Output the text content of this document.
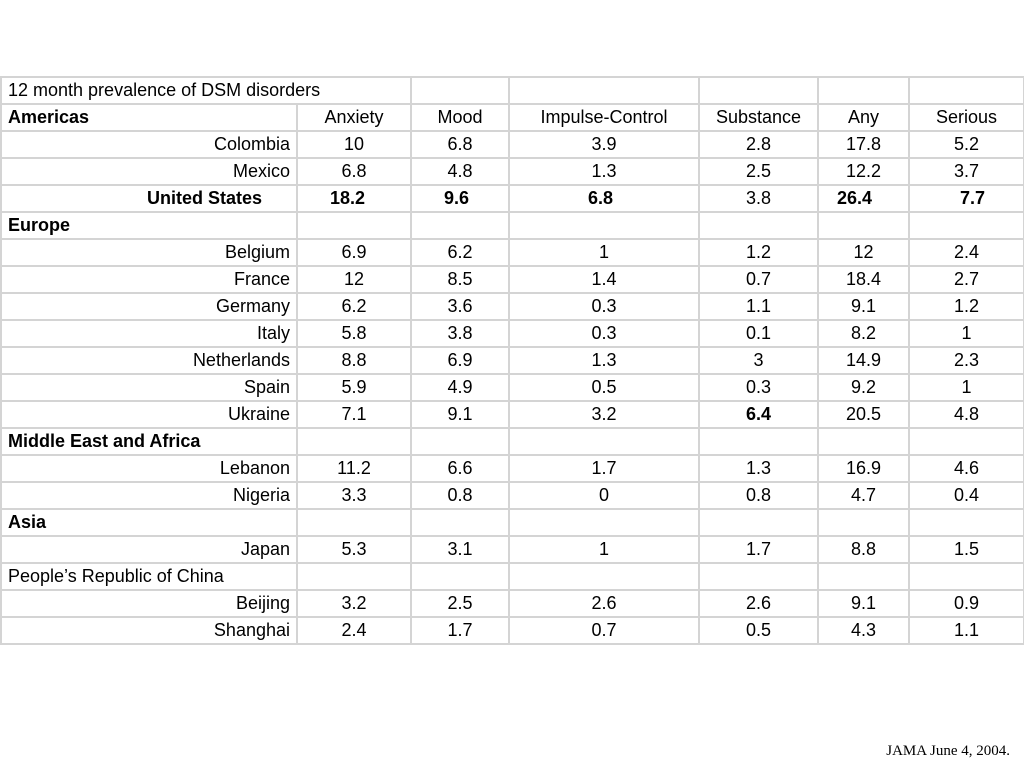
12 month prevalence of DSM disorders						
Americas	Anxiety	Mood	Impulse-Control	Substance	Any	Serious
Colombia	10	6.8	3.9	2.8	17.8	5.2
Mexico	6.8	4.8	1.3	2.5	12.2	3.7
United States	18.2	9.6	6.8	3.8	26.4	7.7
Europe						
Belgium	6.9	6.2	1	1.2	12	2.4
France	12	8.5	1.4	0.7	18.4	2.7
Germany	6.2	3.6	0.3	1.1	9.1	1.2
Italy	5.8	3.8	0.3	0.1	8.2	1
Netherlands	8.8	6.9	1.3	3	14.9	2.3
Spain	5.9	4.9	0.5	0.3	9.2	1
Ukraine	7.1	9.1	3.2	6.4	20.5	4.8
Middle East and Africa						
Lebanon	11.2	6.6	1.7	1.3	16.9	4.6
Nigeria	3.3	0.8	0	0.8	4.7	0.4
Asia						
Japan	5.3	3.1	1	1.7	8.8	1.5
People’s Republic of China						
Beijing	3.2	2.5	2.6	2.6	9.1	0.9
Shanghai	2.4	1.7	0.7	0.5	4.3	1.1
JAMA June 4, 2004.
